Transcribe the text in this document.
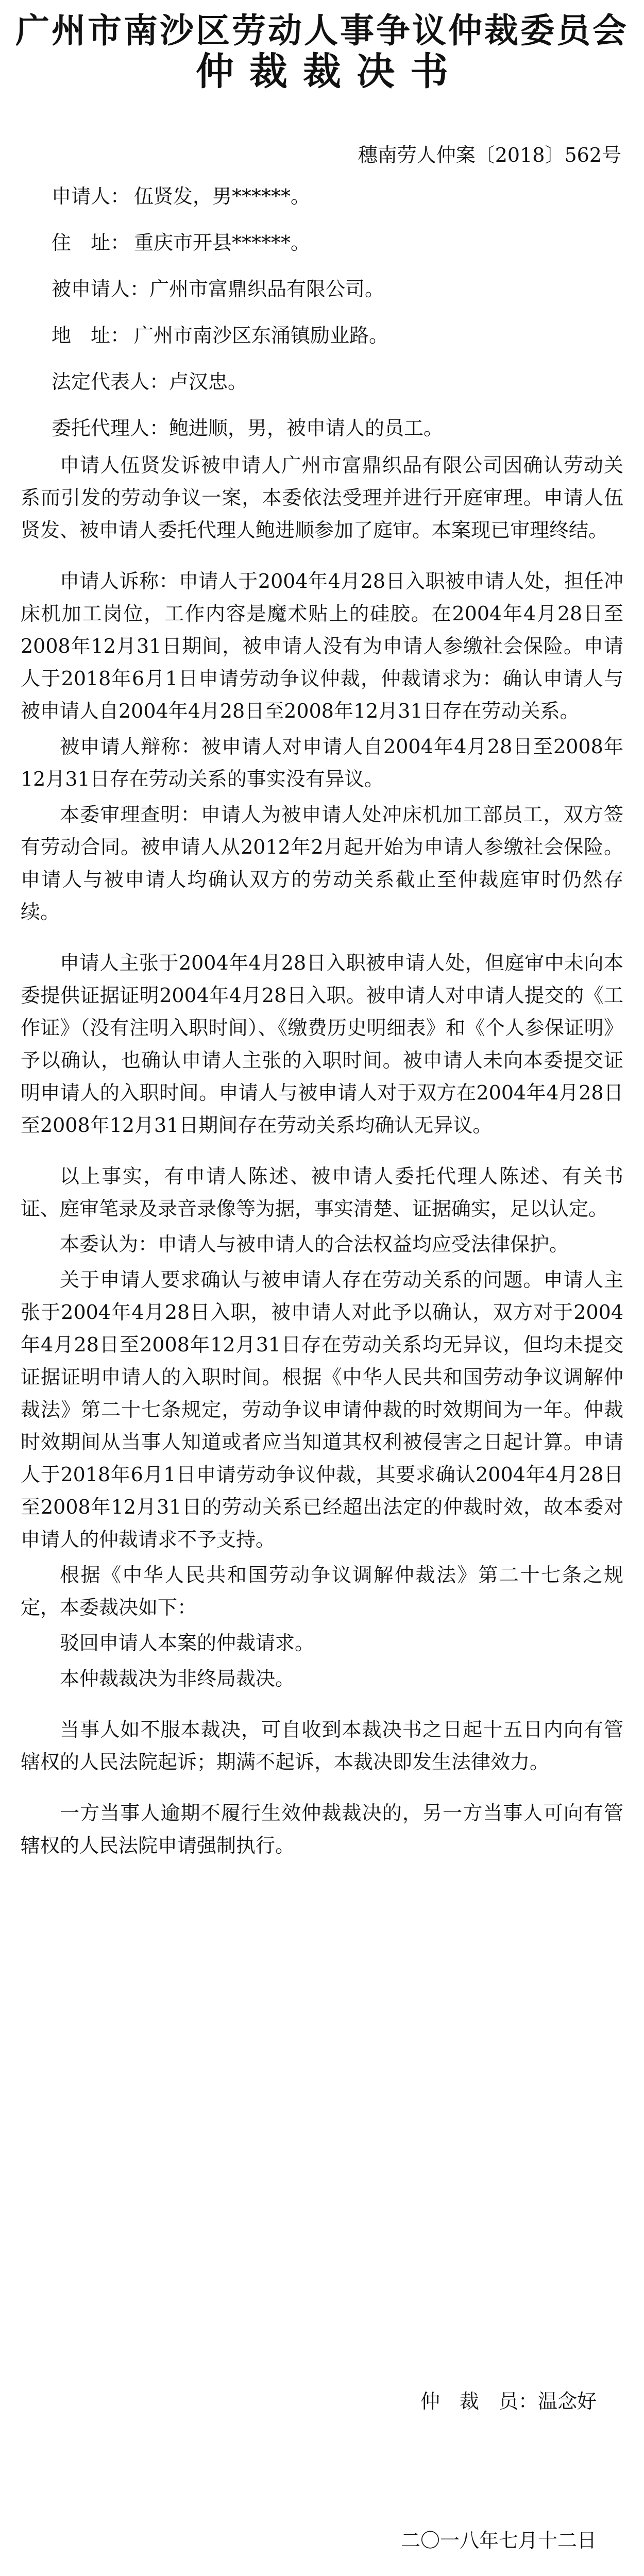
广州市南沙区劳动人事争议仲裁委员会
仲裁裁决书
穗南劳人仲案〔2018〕562号
申请人： 伍贤发，男******。
住　址： 重庆市开县******。
被申请人：广州市富鼎织品有限公司。
地　址： 广州市南沙区东涌镇励业路。
法定代表人：卢汉忠。
委托代理人：鲍进顺，男，被申请人的员工。

申请人伍贤发诉被申请人广州市富鼎织品有限公司因确认劳动关系而引发的劳动争议一案，本委依法受理并进行开庭审理。申请人伍贤发、被申请人委托代理人鲍进顺参加了庭审。本案现已审理终结。

申请人诉称：申请人于2004年4月28日入职被申请人处，担任冲床机加工岗位，工作内容是魔术贴上的硅胶。在2004年4月28日至2008年12月31日期间，被申请人没有为申请人参缴社会保险。申请人于2018年6月1日申请劳动争议仲裁，仲裁请求为：确认申请人与被申请人自2004年4月28日至2008年12月31日存在劳动关系。

被申请人辩称：被申请人对申请人自2004年4月28日至2008年12月31日存在劳动关系的事实没有异议。

本委审理查明：申请人为被申请人处冲床机加工部员工，双方签有劳动合同。被申请人从2012年2月起开始为申请人参缴社会保险。申请人与被申请人均确认双方的劳动关系截止至仲裁庭审时仍然存续。

申请人主张于2004年4月28日入职被申请人处，但庭审中未向本委提供证据证明2004年4月28日入职。被申请人对申请人提交的《工作证》（没有注明入职时间）、《缴费历史明细表》和《个人参保证明》予以确认，也确认申请人主张的入职时间。被申请人未向本委提交证明申请人的入职时间。申请人与被申请人对于双方在2004年4月28日至2008年12月31日期间存在劳动关系均确认无异议。

以上事实，有申请人陈述、被申请人委托代理人陈述、有关书证、庭审笔录及录音录像等为据，事实清楚、证据确实，足以认定。

本委认为：申请人与被申请人的合法权益均应受法律保护。

关于申请人要求确认与被申请人存在劳动关系的问题。申请人主张于2004年4月28日入职，被申请人对此予以确认，双方对于2004年4月28日至2008年12月31日存在劳动关系均无异议，但均未提交证据证明申请人的入职时间。根据《中华人民共和国劳动争议调解仲裁法》第二十七条规定，劳动争议申请仲裁的时效期间为一年。仲裁时效期间从当事人知道或者应当知道其权利被侵害之日起计算。申请人于2018年6月1日申请劳动争议仲裁，其要求确认2004年4月28日至2008年12月31日的劳动关系已经超出法定的仲裁时效，故本委对申请人的仲裁请求不予支持。

根据《中华人民共和国劳动争议调解仲裁法》第二十七条之规定，本委裁决如下：

驳回申请人本案的仲裁请求。

本仲裁裁决为非终局裁决。

当事人如不服本裁决，可自收到本裁决书之日起十五日内向有管辖权的人民法院起诉；期满不起诉，本裁决即发生法律效力。

一方当事人逾期不履行生效仲裁裁决的，另一方当事人可向有管辖权的人民法院申请强制执行。

仲　裁　员：温念好
二〇一八年七月十二日
